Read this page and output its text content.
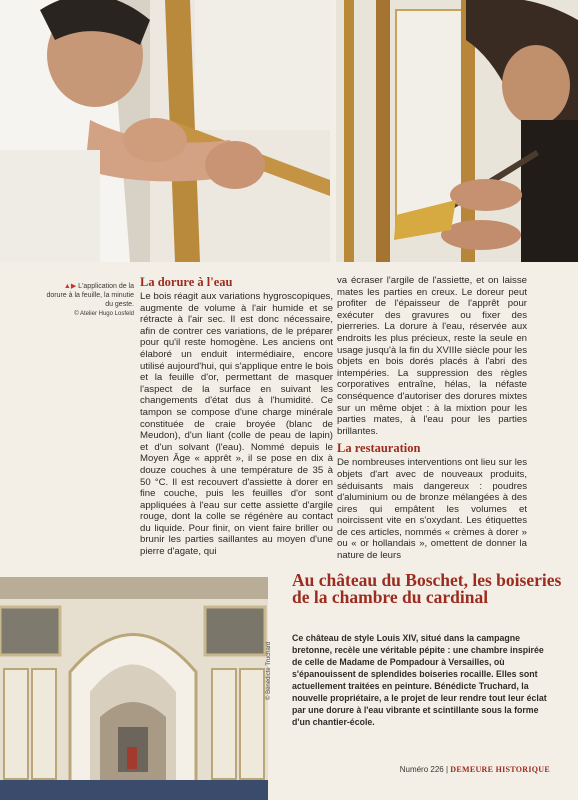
▲▶ L'application de la dorure à la feuille, la minutie du geste.
© Atelier Hugo Losfeld
La dorure à l'eau

Le bois réagit aux variations hygroscopiques, augmente de volume à l'air humide et se rétracte à l'air sec. Il est donc nécessaire, afin de contrer ces variations, de le préparer pour qu'il reste homogène. Les anciens ont élaboré un enduit intermédiaire, encore utilisé aujourd'hui, qui s'applique entre le bois et la feuille d'or, permettant de masquer l'aspect de la surface en suivant les changements d'état dus à l'humidité. Ce tampon se compose d'une charge minérale constituée de craie broyée (blanc de Meudon), d'un liant (colle de peau de lapin) et d'un solvant (l'eau). Nommé depuis le Moyen Âge « apprêt », il se pose en dix à douze couches à une température de 35 à 50 °C. Il est recouvert d'assiette à dorer en fine couche, puis les feuilles d'or sont appliquées à l'eau sur cette assiette d'argile rouge, dont la colle se régénère au contact du liquide. Pour finir, on vient faire briller ou brunir les parties saillantes au moyen d'une pierre d'agate, qui

va écraser l'argile de l'assiette, et on laisse mates les parties en creux. Le doreur peut profiter de l'épaisseur de l'apprêt pour exécuter des gravures ou fixer des pierreries. La dorure à l'eau, réservée aux endroits les plus précieux, reste la seule en usage jusqu'à la fin du XVIIIe siècle pour les objets en bois dorés placés à l'abri des intempéries. La suppression des règles corporatives entraîne, hélas, la néfaste conséquence d'autoriser des dorures mixtes sur un même objet : à la mixtion pour les parties mates, à l'eau pour les parties brillantes.

La restauration

De nombreuses interventions ont lieu sur les objets d'art avec de nouveaux produits, séduisants mais dangereux : poudres d'aluminium ou de bronze mélangées à des cires qui empâtent les volumes et noircissent vite en s'oxydant. Les étiquettes de ces articles, nommés « crèmes à dorer » ou « or hollandais », omettent de donner la nature de leurs

© Bénédicte Truchard
Au château du Boschet, les boiseries de la chambre du cardinal
Ce château de style Louis XIV, situé dans la campagne bretonne, recèle une véritable pépite : une chambre inspirée de celle de Madame de Pompadour à Versailles, où s'épanouissent de splendides boiseries rocaille. Elles sont actuellement traitées en peinture. Bénédicte Truchard, la nouvelle propriétaire, a le projet de leur rendre tout leur éclat par une dorure à l'eau vibrante et scintillante sous la forme d'un chantier-école.
Numéro 226 | DEMEURE HISTORIQUE
